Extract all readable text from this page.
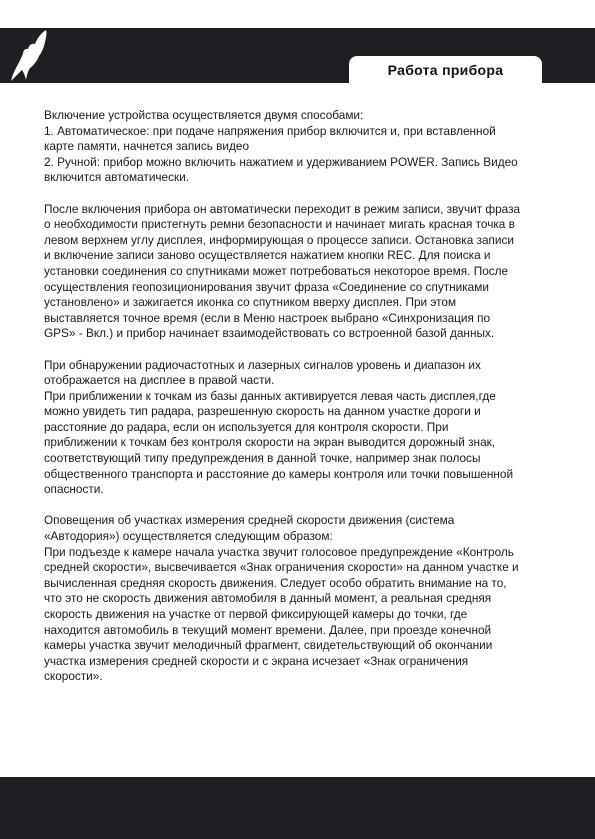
Работа прибора

Включение устройства осуществляется двумя способами:
1. Автоматическое: при подаче напряжения прибор включится и, при вставленной
карте памяти, начнется запись видео
2. Ручной: прибор можно включить нажатием и удерживанием POWER. Запись Видео
включится автоматически.

После включения прибора он автоматически переходит в режим записи, звучит фраза
о необходимости пристегнуть ремни безопасности и начинает мигать красная точка в
левом верхнем углу дисплея, информирующая о процессе записи. Остановка записи
и включение записи заново осуществляется нажатием кнопки REC. Для поиска и
установки соединения со спутниками может потребоваться некоторое время. После
осуществления геопозиционирования звучит фраза «Соединение со спутниками
установлено» и зажигается иконка со спутником вверху дисплея. При этом
выставляется точное время (если в Меню настроек выбрано «Синхронизация по
GPS» - Вкл.) и прибор начинает взаимодействовать со встроенной базой данных.

При обнаружении радиочастотных и лазерных сигналов уровень и диапазон их
отображается на дисплее в правой части.
При приближении к точкам из базы данных активируется левая часть дисплея,где
можно увидеть тип радара, разрешенную скорость на данном участке дороги и
расстояние до радара, если он используется для контроля скорости. При
приближении к точкам без контроля скорости на экран выводится дорожный знак,
соответствующий типу предупреждения в данной точке, например знак полосы
общественного транспорта и расстояние до камеры контроля или точки повышенной
опасности.

Оповещения об участках измерения средней скорости движения (система
«Автодория») осуществляется следующим образом:
При подъезде к камере начала участка звучит голосовое предупреждение «Контроль
средней скорости», высвечивается «Знак ограничения скорости» на данном участке и
вычисленная средняя скорость движения. Следует особо обратить внимание на то,
что это не скорость движения автомобиля в данный момент, а реальная средняя
скорость движения на участке от первой фиксирующей камеры до точки, где
находится автомобиль в текущий момент времени. Далее, при проезде конечной
камеры участка звучит мелодичный фрагмент, свидетельствующий об окончании
участка измерения средней скорости и с экрана исчезает «Знак ограничения
скорости».
